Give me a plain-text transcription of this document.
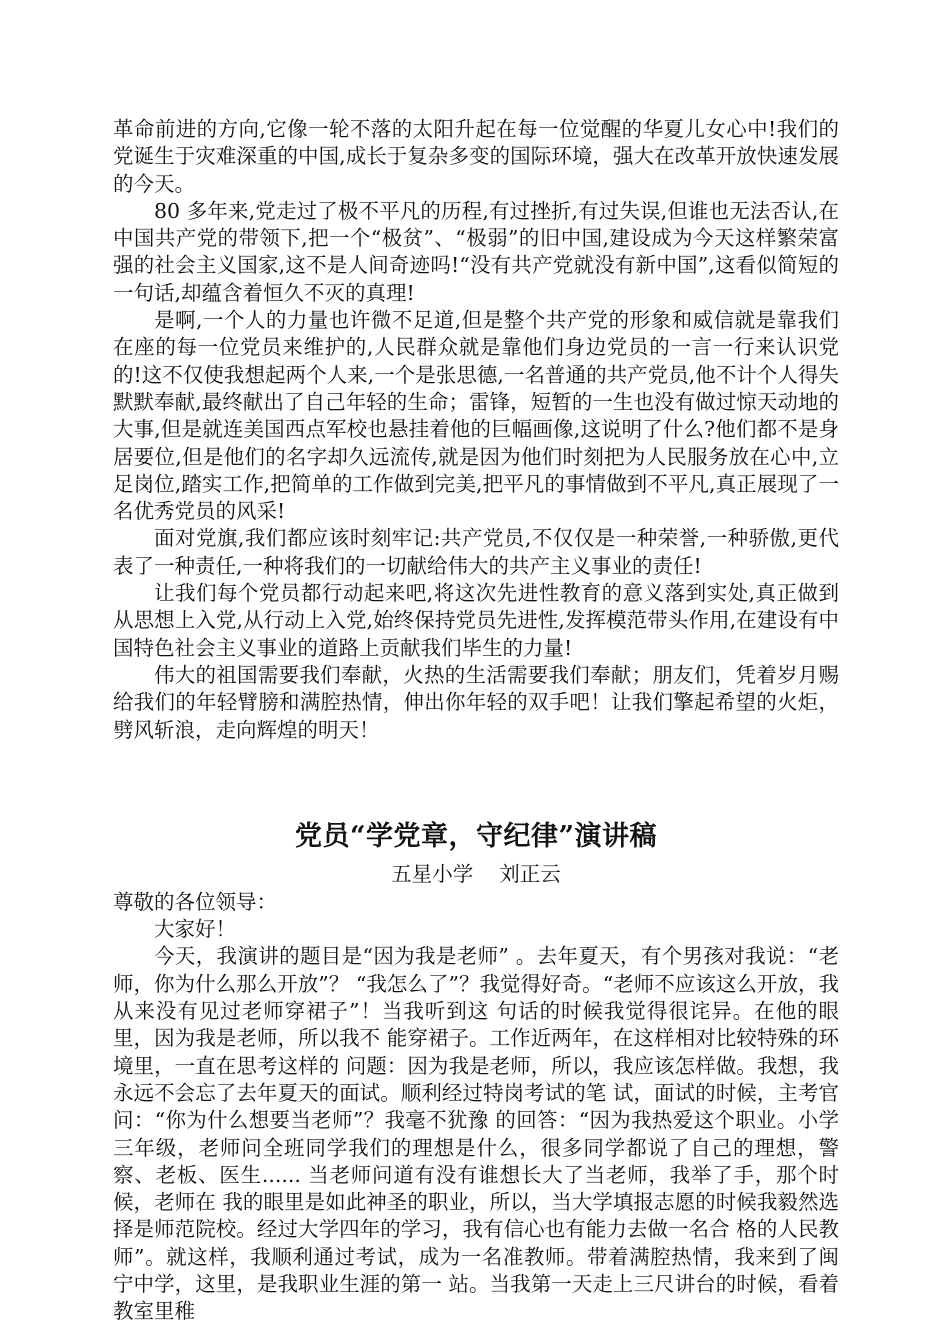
革命前进的方向,它像一轮不落的太阳升起在每一位觉醒的华夏儿女心中!我们的党诞生于灾难深重的中国,成长于复杂多变的国际环境，强大在改革开放快速发展的今天。

80 多年来,党走过了极不平凡的历程,有过挫折,有过失误,但谁也无法否认,在中国共产党的带领下,把一个“极贫”、“极弱”的旧中国,建设成为今天这样繁荣富强的社会主义国家,这不是人间奇迹吗!“没有共产党就没有新中国”,这看似简短的一句话,却蕴含着恒久不灭的真理!

是啊,一个人的力量也许微不足道,但是整个共产党的形象和威信就是靠我们在座的每一位党员来维护的,人民群众就是靠他们身边党员的一言一行来认识党的!这不仅使我想起两个人来,一个是张思德,一名普通的共产党员,他不计个人得失默默奉献,最终献出了自己年轻的生命；雷锋，短暂的一生也没有做过惊天动地的大事,但是就连美国西点军校也悬挂着他的巨幅画像,这说明了什么?他们都不是身居要位,但是他们的名字却久远流传,就是因为他们时刻把为人民服务放在心中,立足岗位,踏实工作,把简单的工作做到完美,把平凡的事情做到不平凡,真正展现了一名优秀党员的风采!

面对党旗,我们都应该时刻牢记:共产党员,不仅仅是一种荣誉,一种骄傲,更代表了一种责任,一种将我们的一切献给伟大的共产主义事业的责任!

让我们每个党员都行动起来吧,将这次先进性教育的意义落到实处,真正做到从思想上入党,从行动上入党,始终保持党员先进性,发挥模范带头作用,在建设有中国特色社会主义事业的道路上贡献我们毕生的力量!

伟大的祖国需要我们奉献，火热的生活需要我们奉献；朋友们，凭着岁月赐给我们的年轻臂膀和满腔热情，伸出你年轻的双手吧！让我们擎起希望的火炬，劈风斩浪，走向辉煌的明天！

党员“学党章，守纪律”演讲稿

五星小学    刘正云

尊敬的各位领导：

大家好！

今天，我演讲的题目是“因为我是老师” 。去年夏天，有个男孩对我说：“老师，你为什么那么开放”？ “我怎么了”？我觉得好奇。“老师不应该这么开放，我从来没有见过老师穿裙子”！当我听到这 句话的时候我觉得很诧异。在他的眼里，因为我是老师，所以我不 能穿裙子。工作近两年，在这样相对比较特殊的环境里，一直在思考这样的 问题：因为我是老师，所以，我应该怎样做。我想，我永远不会忘了去年夏天的面试。顺利经过特岗考试的笔 试，面试的时候，主考官问：“你为什么想要当老师”？我毫不犹豫 的回答：“因为我热爱这个职业。小学三年级，老师问全班同学我们的理想是什么，很多同学都说了自己的理想，警察、老板、医生...... 当老师问道有没有谁想长大了当老师，我举了手，那个时候，老师在 我的眼里是如此神圣的职业，所以，当大学填报志愿的时候我毅然选 择是师范院校。经过大学四年的学习，我有信心也有能力去做一名合 格的人民教师”。就这样，我顺利通过考试，成为一名准教师。带着满腔热情，我来到了闽宁中学，这里，是我职业生涯的第一 站。当我第一天走上三尺讲台的时候，看着教室里稚
